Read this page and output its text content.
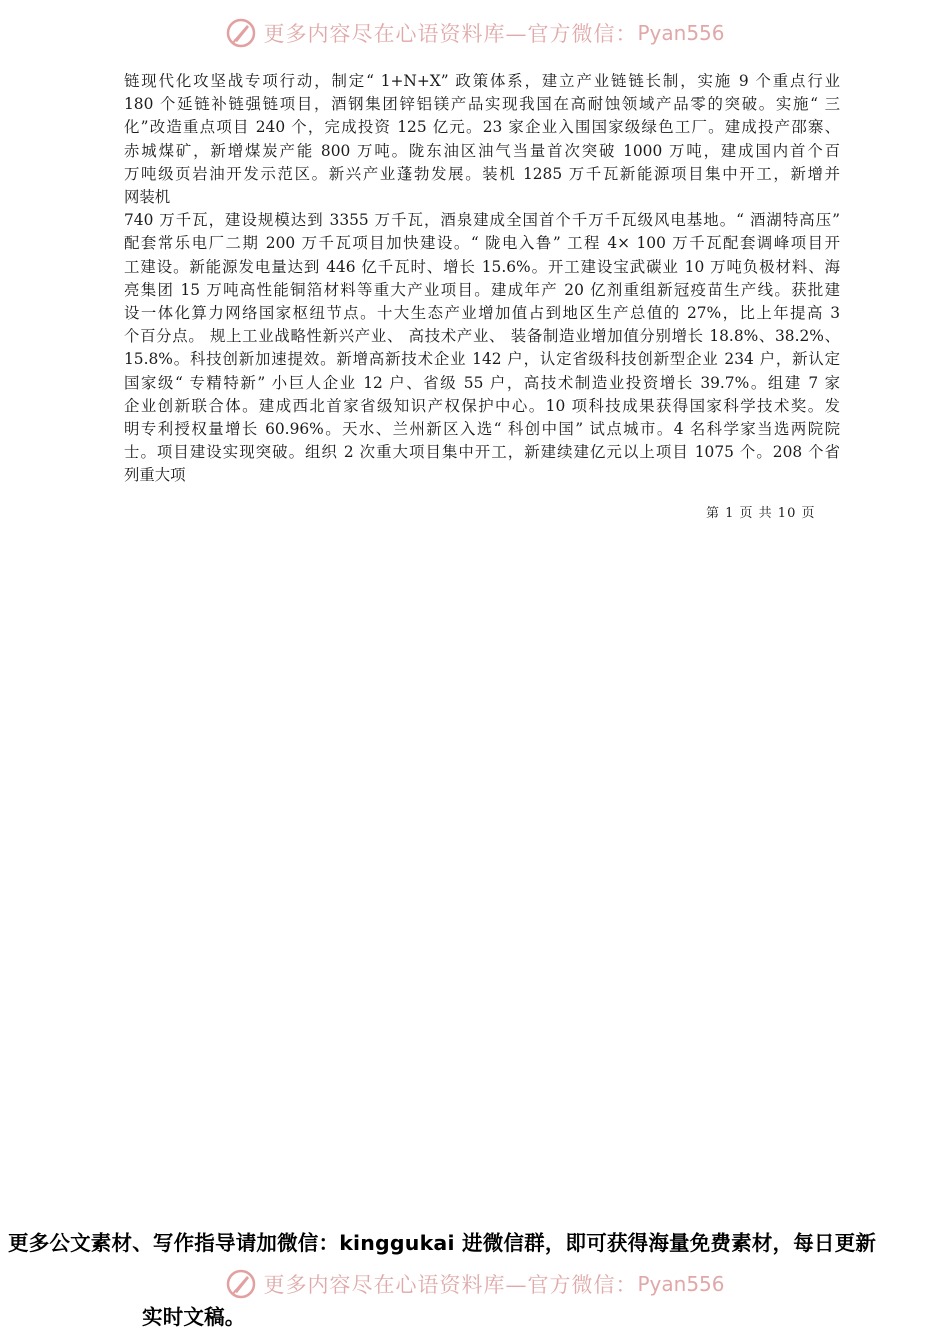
更多内容尽在心语资料库—官方微信： Pyan556
链现代化攻坚战专项行动，制定“ 1+N+X” 政策体系，建立产业链链长制，实施 9 个重点行业
180 个延链补链强链项目，酒钢集团锌铝镁产品实现我国在高耐蚀领域产品零的突破。实施“ 三
化”改造重点项目 240 个，完成投资 125 亿元。23 家企业入围国家级绿色工厂。建成投产邵寨、
赤城煤矿，新增煤炭产能 800 万吨。陇东油区油气当量首次突破 1000 万吨，建成国内首个百
万吨级页岩油开发示范区。新兴产业蓬勃发展。装机 1285 万千瓦新能源项目集中开工，新增并
网装机
740 万千瓦，建设规模达到 3355 万千瓦，酒泉建成全国首个千万千瓦级风电基地。“ 酒湖特高压”
配套常乐电厂二期 200 万千瓦项目加快建设。“ 陇电入鲁” 工程 4× 100 万千瓦配套调峰项目开
工建设。新能源发电量达到 446 亿千瓦时、增长 15.6%。开工建设宝武碳业 10 万吨负极材料、海
亮集团 15 万吨高性能铜箔材料等重大产业项目。建成年产 20 亿剂重组新冠疫苗生产线。获批建
设一体化算力网络国家枢纽节点。十大生态产业增加值占到地区生产总值的 27%，比上年提高 3
个百分点。 规上工业战略性新兴产业、 高技术产业、 装备制造业增加值分别增长 18.8%、38.2%、
15.8%。科技创新加速提效。新增高新技术企业 142 户，认定省级科技创新型企业 234 户，新认定
国家级“ 专精特新” 小巨人企业 12 户、省级 55 户，高技术制造业投资增长 39.7%。组建 7 家
企业创新联合体。建成西北首家省级知识产权保护中心。10 项科技成果获得国家科学技术奖。发
明专利授权量增长 60.96%。天水、兰州新区入选“ 科创中国” 试点城市。4 名科学家当选两院院
士。项目建设实现突破。组织 2 次重大项目集中开工，新建续建亿元以上项目 1075 个。208 个省
列重大项
第 1 页 共 10 页
更多公文素材、写作指导请加微信：kinggukai 进微信群，即可获得海量免费素材，每日更新
实时文稿。
更多内容尽在心语资料库—官方微信： Pyan556
